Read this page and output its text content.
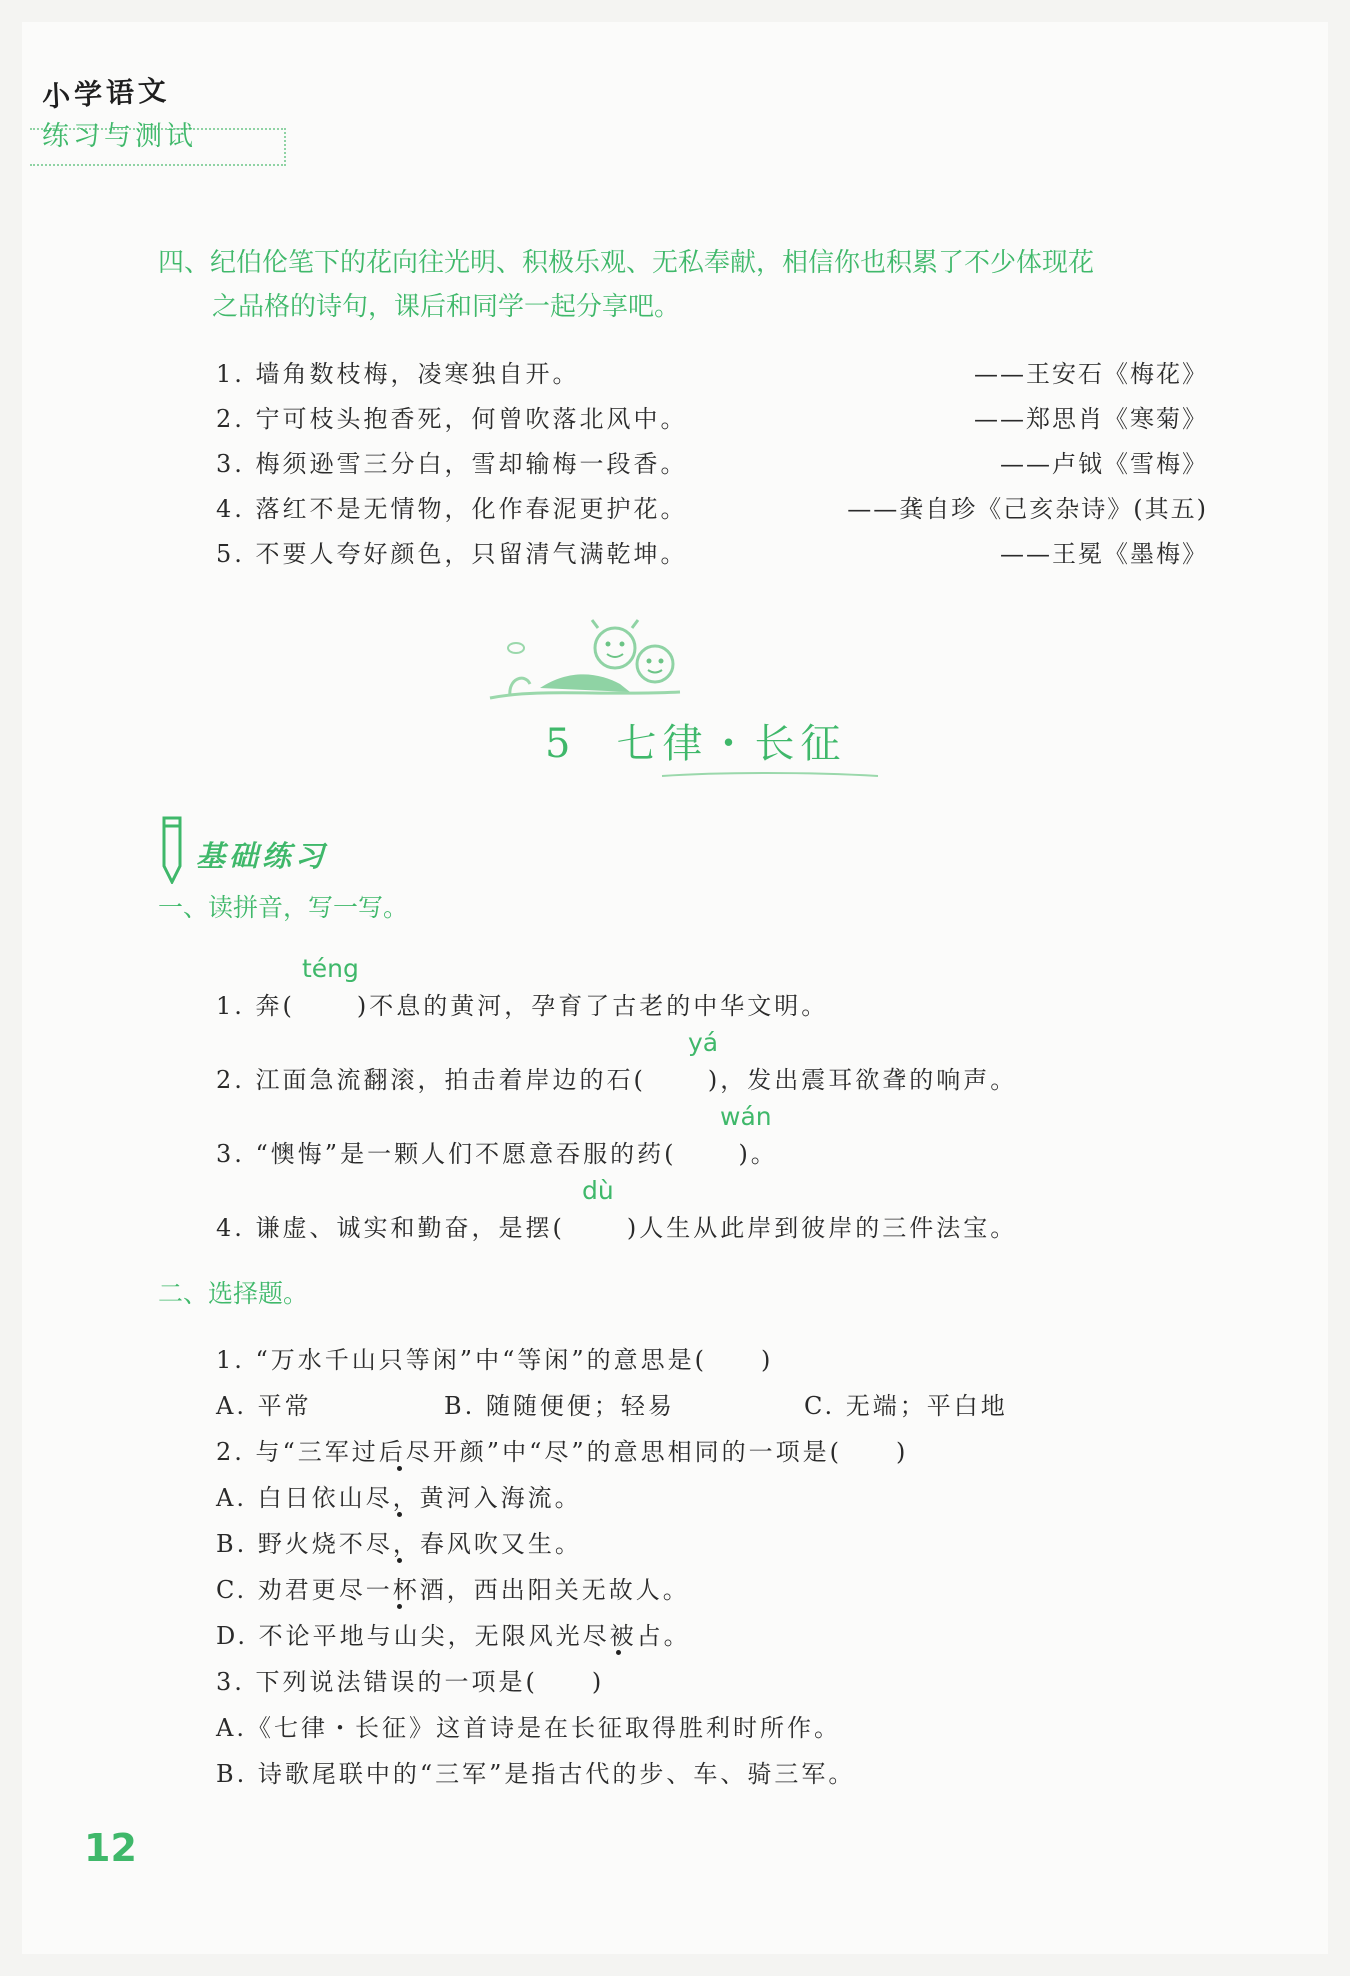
小学语文
练习与测试
四、纪伯伦笔下的花向往光明、积极乐观、无私奉献，相信你也积累了不少体现花
之品格的诗句，课后和同学一起分享吧。
1. 墙角数枝梅，凌寒独自开。	——王安石《梅花》
2. 宁可枝头抱香死，何曾吹落北风中。	——郑思肖《寒菊》
3. 梅须逊雪三分白，雪却输梅一段香。	——卢钺《雪梅》
4. 落红不是无情物，化作春泥更护花。	——龚自珍《己亥杂诗》(其五)
5. 不要人夸好颜色，只留清气满乾坤。	——王冕《墨梅》
5 七律・长征
基础练习
一、读拼音，写一写。
téng
1. 奔(	)不息的黄河，孕育了古老的中华文明。
yá
2. 江面急流翻滚，拍击着岸边的石(	)，发出震耳欲聋的响声。
wán
3. “懊悔”是一颗人们不愿意吞服的药(	)。
dù
4. 谦虚、诚实和勤奋，是摆(	)人生从此岸到彼岸的三件法宝。
二、选择题。
1. “万水千山只等闲”中“等闲”的意思是(　　)
A. 平常	B. 随随便便；轻易	C. 无端；平白地
2. 与“三军过后尽开颜”中“尽”的意思相同的一项是(　　)
A. 白日依山尽，黄河入海流。
B. 野火烧不尽，春风吹又生。
C. 劝君更尽一杯酒，西出阳关无故人。
D. 不论平地与山尖，无限风光尽被占。
3. 下列说法错误的一项是(　　)
A.《七律・长征》这首诗是在长征取得胜利时所作。
B. 诗歌尾联中的“三军”是指古代的步、车、骑三军。
12
